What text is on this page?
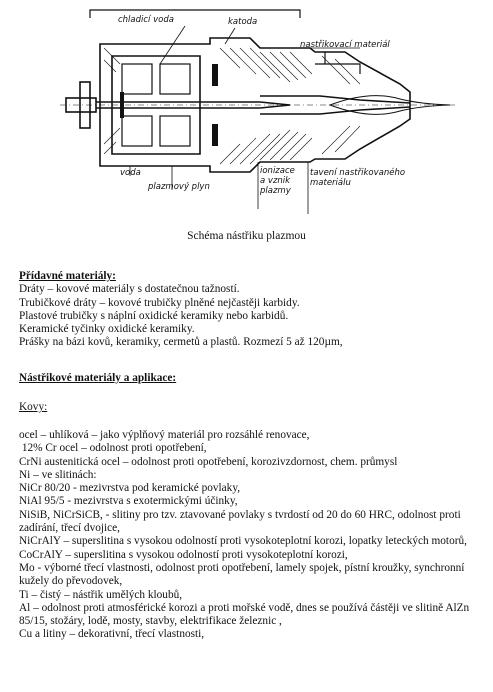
chladicí voda	katoda
nastřikovací materiál
voda
plazmový plyn
ionizace
a vznik
plazmy
tavení nastřikovaného
materiálu
Schéma nástřiku plazmou
Přídavné materiály:
Dráty – kovové materiály s dostatečnou tažností.
Trubičkové dráty – kovové trubičky plněné nejčastěji karbidy.
Plastové trubičky s náplní oxidické keramiky nebo karbidů.
Keramické tyčinky oxidické keramiky.
Prášky na bázi kovů, keramiky, cermetů a plastů. Rozmezí 5 až 120µm,
Nástřikové materiály a aplikace:
Kovy:
ocel – uhlíková – jako výplňový materiál pro rozsáhlé renovace,
12% Cr ocel – odolnost proti opotřebení,
CrNi austenitická ocel – odolnost proti opotřebení, korozivzdornost, chem. průmysl
Ni – ve slitinách:
NiCr 80/20 - mezivrstva pod keramické povlaky,
NiAl 95/5 - mezivrstva s exotermickými účinky,
NiSiB, NiCrSiCB, - slitiny pro tzv. ztavované povlaky s tvrdostí od 20 do 60 HRC, odolnost proti zadírání, třecí dvojice,
NiCrAlY – superslitina s vysokou odolností proti vysokoteplotní korozi, lopatky leteckých motorů,
CoCrAlY – superslitina s vysokou odolností proti vysokoteplotní korozi,
Mo - výborné třecí vlastnosti, odolnost proti opotřebení, lamely spojek, pístní kroužky, synchronní kužely do převodovek,
Ti – čistý – nástřik umělých kloubů,
Al – odolnost proti atmosférické korozi a proti mořské vodě, dnes se používá částěji ve slitině AlZn 85/15, stožáry, lodě, mosty, stavby, elektrifikace železnic ,
Cu a litiny – dekorativní, třecí vlastnosti,
